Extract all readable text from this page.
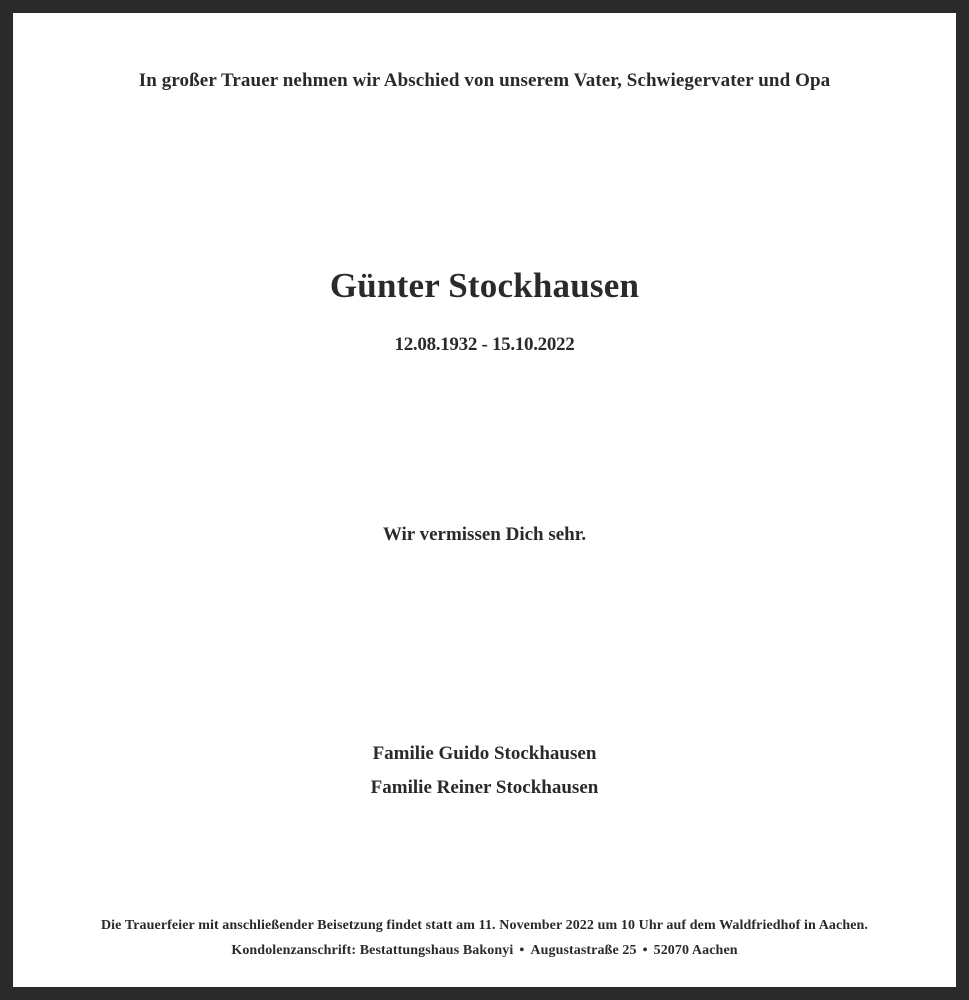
In großer Trauer nehmen wir Abschied von unserem Vater, Schwiegervater und Opa
Günter Stockhausen
12.08.1932 - 15.10.2022
Wir vermissen Dich sehr.
Familie Guido Stockhausen
Familie Reiner Stockhausen
Die Trauerfeier mit anschließender Beisetzung findet statt am 11. November 2022 um 10 Uhr auf dem Waldfriedhof in Aachen.
Kondolenzanschrift: Bestattungshaus Bakonyi • Augustastraße 25 • 52070 Aachen
